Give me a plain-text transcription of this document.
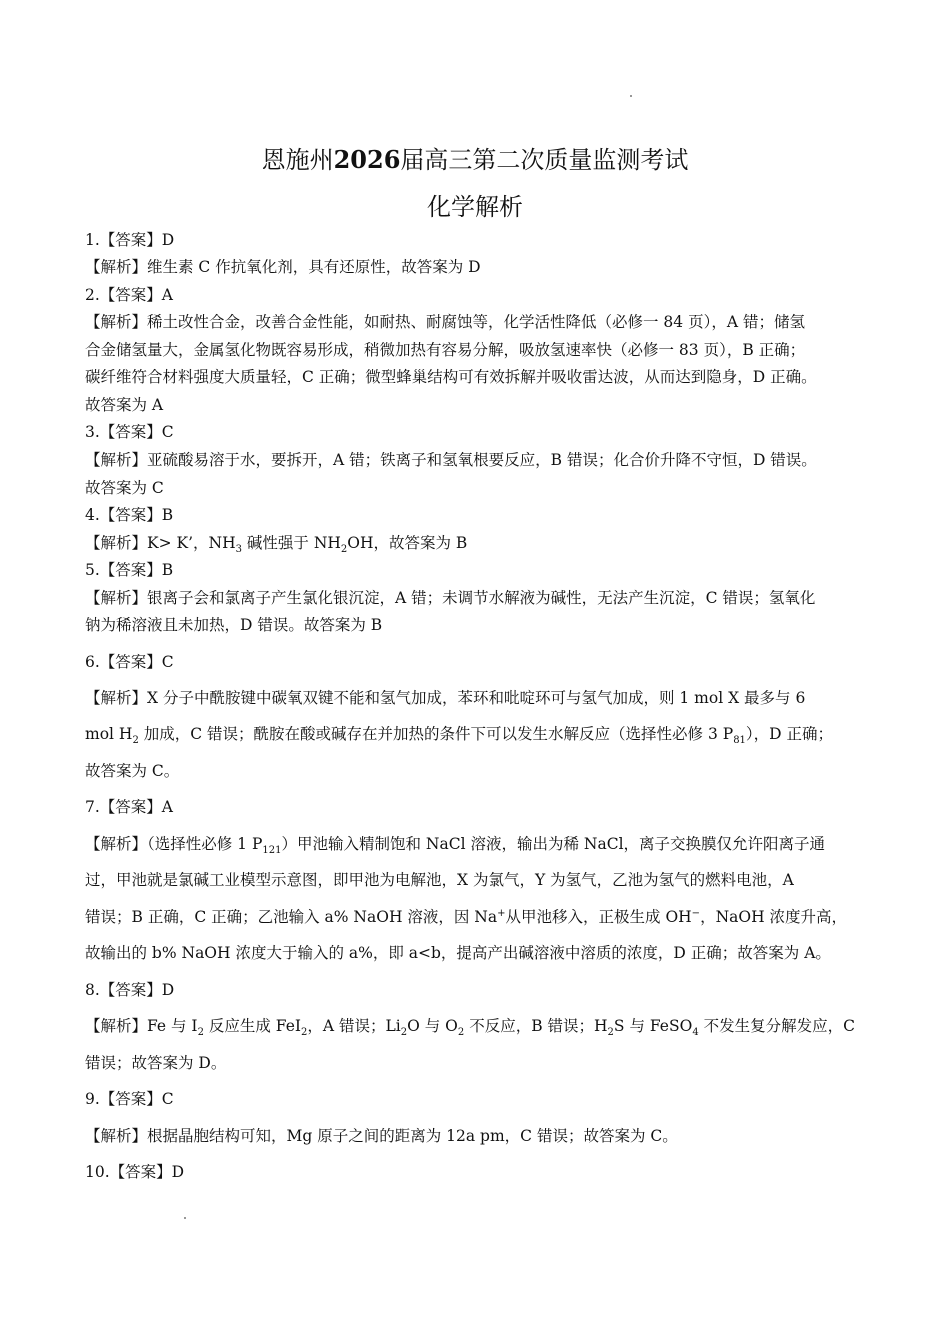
恩施州2026届高三第二次质量监测考试
化学解析
1.【答案】D
【解析】维生素 C 作抗氧化剂，具有还原性，故答案为 D
2.【答案】A
【解析】稀土改性合金，改善合金性能，如耐热、耐腐蚀等，化学活性降低（必修一 84 页），A 错；储氢
合金储氢量大，金属氢化物既容易形成，稍微加热有容易分解，吸放氢速率快（必修一 83 页），B 正确；
碳纤维符合材料强度大质量轻，C 正确；微型蜂巢结构可有效拆解并吸收雷达波，从而达到隐身，D 正确。
故答案为 A
3.【答案】C
【解析】亚硫酸易溶于水，要拆开，A 错；铁离子和氢氧根要反应，B 错误；化合价升降不守恒，D 错误。
故答案为 C
4.【答案】B
【解析】K> K’，$NH_3$ 碱性强于 $NH_2OH$，故答案为 B
5.【答案】B
【解析】银离子会和氯离子产生氯化银沉淀，A 错；未调节水解液为碱性，无法产生沉淀，C 错误；氢氧化
钠为稀溶液且未加热，D 错误。故答案为 B
6.【答案】C
【解析】X 分子中酰胺键中碳氧双键不能和氢气加成，苯环和吡啶环可与氢气加成，则 1 mol X 最多与 6
mol $H_2$ 加成，C 错误；酰胺在酸或碱存在并加热的条件下可以发生水解反应（选择性必修 3 $P_{81}$），D 正确；
故答案为 C。
7.【答案】A
【解析】（选择性必修 1 $P_{121}$）甲池输入精制饱和 NaCl 溶液，输出为稀 NaCl，离子交换膜仅允许阳离子通
过，甲池就是氯碱工业模型示意图，即甲池为电解池，X 为氯气，Y 为氢气，乙池为氢气的燃料电池，A
错误；B 正确，C 正确；乙池输入 a% NaOH 溶液，因 Na+从甲池移入，正极生成 OH−，NaOH 浓度升高，
故输出的 b% NaOH 浓度大于输入的 a%，即 a<b，提高产出碱溶液中溶质的浓度，D 正确；故答案为 A。
8.【答案】D
【解析】Fe 与 $I_2$ 反应生成 FeI$_2$，A 错误；$Li_2O$ 与 $O_2$ 不反应，B 错误；$H_2S$ 与 FeSO$_4$ 不发生复分解发应，C
错误；故答案为 D。
9.【答案】C
【解析】根据晶胞结构可知，Mg 原子之间的距离为 12a pm，C 错误；故答案为 C。
10.【答案】D
